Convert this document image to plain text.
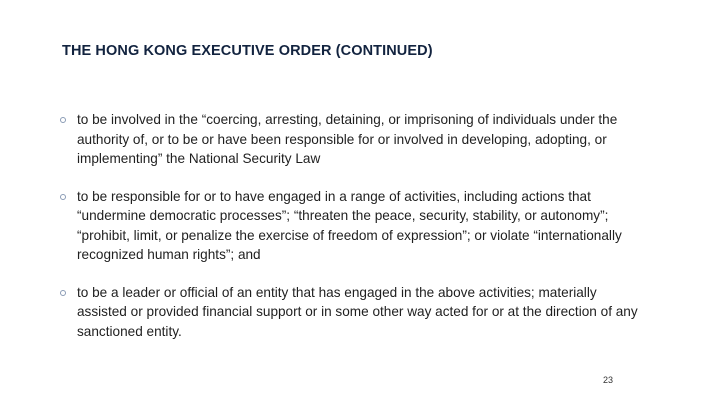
THE HONG KONG EXECUTIVE ORDER (CONTINUED)
to be involved in the “coercing, arresting, detaining, or imprisoning of individuals under the authority of, or to be or have been responsible for or involved in developing, adopting, or implementing” the National Security Law
to be responsible for or to have engaged in a range of activities, including actions that “undermine democratic processes”; “threaten the peace, security, stability, or autonomy”; “prohibit, limit, or penalize the exercise of freedom of expression”; or violate “internationally recognized human rights”; and
to be a leader or official of an entity that has engaged in the above activities; materially assisted or provided financial support or in some other way acted for or at the direction of any sanctioned entity.
23
